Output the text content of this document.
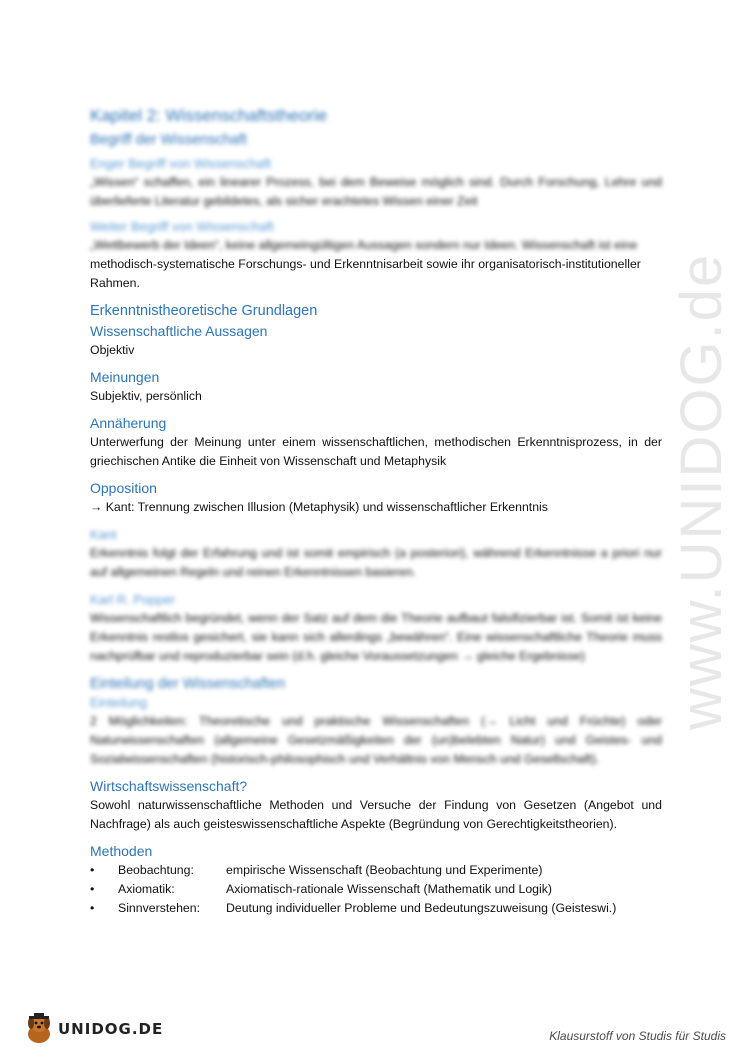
www.UNIDOG.de
Kapitel 2: Wissenschaftstheorie
Begriff der Wissenschaft
Enger Begriff von Wissenschaft

„Wissen“ schaffen, ein linearer Prozess, bei dem Beweise möglich sind. Durch Forschung, Lehre und überlieferte Literatur gebildetes, als sicher erachtetes Wissen einer Zeit

Weiter Begriff von Wissenschaft

„Wettbewerb der Ideen“, keine allgemeingültigen Aussagen sondern nur Ideen. Wissenschaft ist eine

methodisch-systematische Forschungs- und Erkenntnisarbeit sowie ihr organisatorisch-institutioneller Rahmen.

Erkenntnistheoretische Grundlagen
Wissenschaftliche Aussagen

Objektiv

Meinungen

Subjektiv, persönlich

Annäherung

Unterwerfung der Meinung unter einem wissenschaftlichen, methodischen Erkenntnisprozess, in der griechischen Antike die Einheit von Wissenschaft und Metaphysik

Opposition

→ Kant: Trennung zwischen Illusion (Metaphysik) und wissenschaftlicher Erkenntnis

Kant

Erkenntnis folgt der Erfahrung und ist somit empirisch (a posteriori), während Erkenntnisse a priori nur auf allgemeinen Regeln und reinen Erkenntnissen basieren.

Karl R. Popper

Wissenschaftlich begründet, wenn der Satz auf dem die Theorie aufbaut falsifizierbar ist. Somit ist keine Erkenntnis restlos gesichert, sie kann sich allerdings „bewähren“. Eine wissenschaftliche Theorie muss nachprüfbar und reproduzierbar sein (d.h. gleiche Voraussetzungen → gleiche Ergebnisse)

Einteilung der Wissenschaften
Einteilung

2 Möglichkeiten: Theoretische und praktische Wissenschaften (→ Licht und Früchte) oder Naturwissenschaften (allgemeine Gesetzmäßigkeiten der (un)belebten Natur) und Geistes- und Sozialwissenschaften (historisch-philosophisch und Verhältnis von Mensch und Gesellschaft).

Wirtschaftswissenschaft?

Sowohl naturwissenschaftliche Methoden und Versuche der Findung von Gesetzen (Angebot und Nachfrage) als auch geisteswissenschaftliche Aspekte (Begründung von Gerechtigkeitstheorien).

Methoden
•	Beobachtung:	empirische Wissenschaft (Beobachtung und Experimente)
•	Axiomatik:	Axiomatisch-rationale Wissenschaft (Mathematik und Logik)
•	Sinnverstehen:	Deutung individueller Probleme und Bedeutungszuweisung (Geisteswi.)
UNIDOG.DE	Klausurstoff von Studis für Studis
